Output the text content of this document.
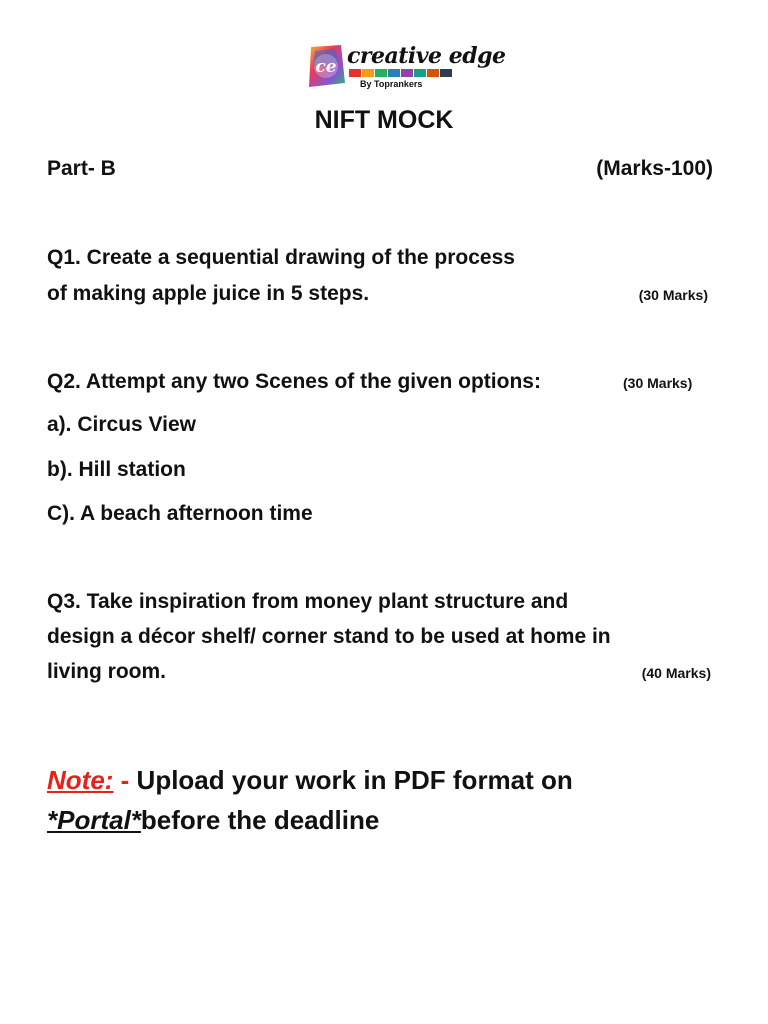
ce creative edge
By Toprankers
NIFT MOCK
Part- B	(Marks-100)
Q1. Create a sequential drawing of the process
of making apple juice in 5 steps.	(30 Marks)
Q2. Attempt any two Scenes of the given options:	(30 Marks)
a). Circus View
b). Hill station
C). A beach afternoon time
Q3. Take inspiration from money plant structure and
design a décor shelf/ corner stand to be used at home in
living room.	(40 Marks)
Note: - Upload your work in PDF format on
*Portal*before the deadline
